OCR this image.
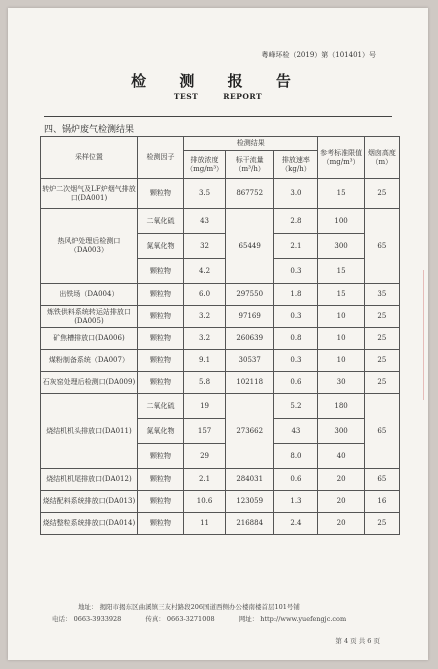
粤峰环检（2019）第（101401）号
检 测 报 告
TEST REPORT
四、锅炉废气检测结果
采样位置	检测因子	检测结果			参考标准限值（mg/m³）	烟囱高度（m）
		排放浓度（mg/m³）	标干流量（m³/h）	排放速率（kg/h）		
转炉二次烟气及LF炉烟气排放口(DA001)	颗粒物	3.5	867752	3.0	15	25
热风炉处理后检测口（DA003）	二氧化硫	43	65449	2.8	100	65
	氮氧化物	32		2.1	300	
	颗粒物	4.2		0.3	15	
出铁场（DA004）	颗粒物	6.0	297550	1.8	15	35
炼铁供料系统转运站排放口(DA005)	颗粒物	3.2	97169	0.3	10	25
矿焦槽排放口(DA006)	颗粒物	3.2	260639	0.8	10	25
煤粉制备系统（DA007）	颗粒物	9.1	30537	0.3	10	25
石灰窑处理后检测口(DA009)	颗粒物	5.8	102118	0.6	30	25
烧结机机头排放口(DA011)	二氧化硫	19	273662	5.2	180	65
	氮氧化物	157		43	300	
	颗粒物	29		8.0	40	
烧结机机尾排放口(DA012)	颗粒物	2.1	284031	0.6	20	65
烧结配料系统排放口(DA013)	颗粒物	10.6	123059	1.3	20	16
烧结整粒系统排放口(DA014)	颗粒物	11	216884	2.4	20	25
地址： 揭阳市揭东区曲溪镇三友村路段206国道西侧办公楼南楼首层101号铺
电话： 0663-3933928	传真： 0663-3271008	网址： http://www.yuefengjc.com
第 4 页 共 6 页
